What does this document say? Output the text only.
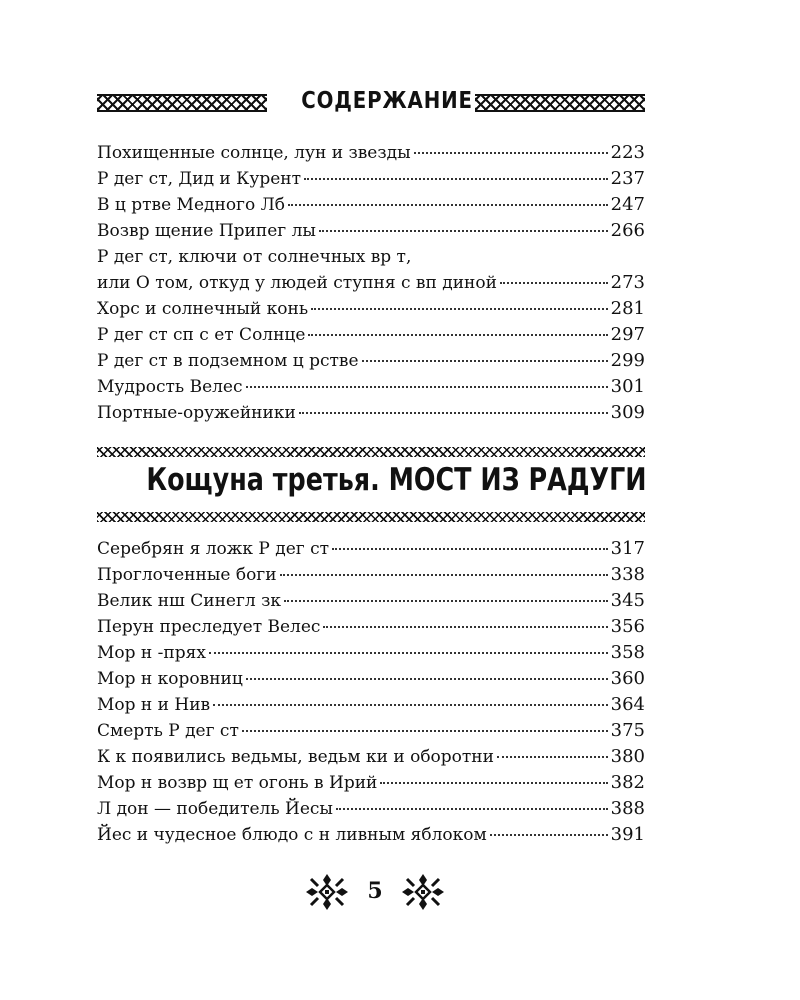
СОДЕРЖАНИЕ
Похищенные солнце, лун и звезды	223
Р дег ст, Дид и Курент	237
В ц ртве Медного Лб	247
Возвр щение Припег лы	266
Р дег ст, ключи от солнечных вр т,
или О том, откуд у людей ступня с вп диной	273
Хорс и солнечный конь	281
Р дег ст сп с ет Солнце	297
Р дег ст в подземном ц рстве	299
Мудрость Велес	301
Портные-оружейники	309
Кощуна третья. МОСТ ИЗ РАДУГИ
Серебрян я ложк Р дег ст	317
Проглоченные боги	338
Велик нш Синегл зк	345
Перун преследует Велес	356
Мор н -прях	358
Мор н коровниц	360
Мор н и Нив	364
Смерть Р дег ст	375
К к появились ведьмы, ведьм ки и оборотни	380
Мор н возвр щ ет огонь в Ирий	382
Л дон — победитель Йесы	388
Йес и чудесное блюдо с н ливным яблоком	391
5
